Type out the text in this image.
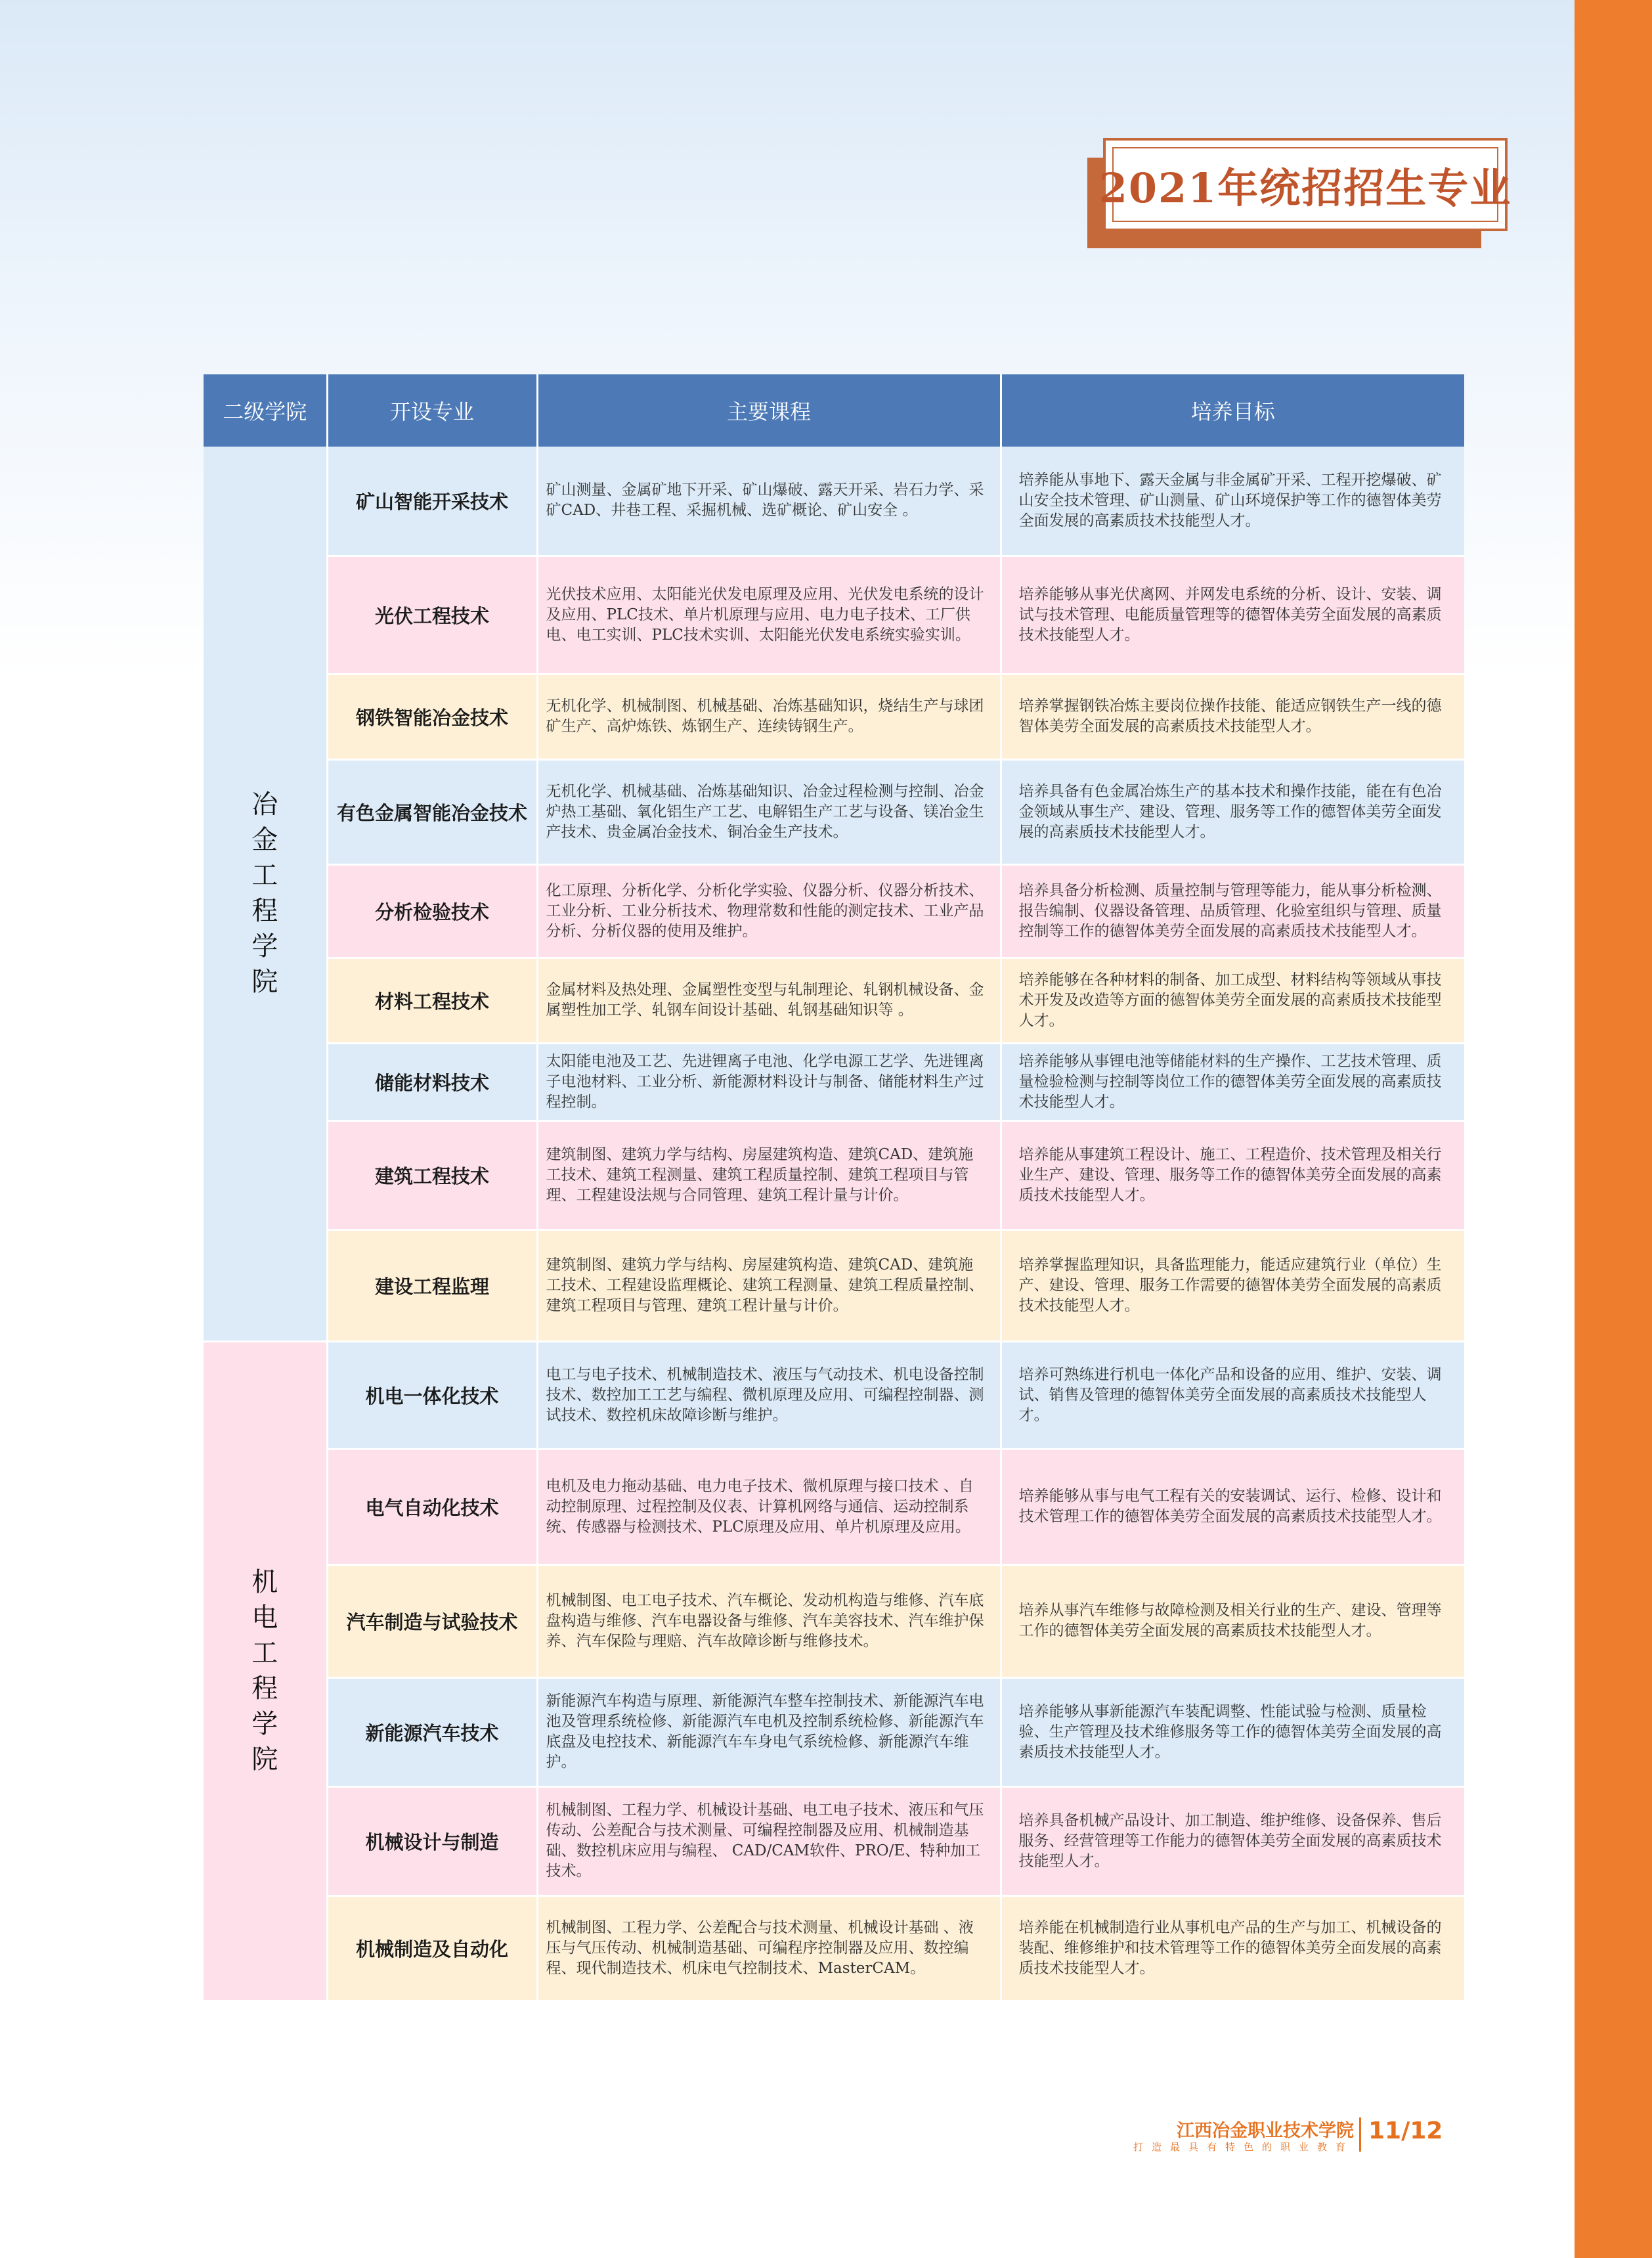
2021年统招招生专业
二级学院	开设专业	主要课程	培养目标
冶金工程学院	矿山智能开采技术	矿山测量、金属矿地下开采、矿山爆破、露天开采、岩石力学、采矿CAD、井巷工程、采掘机械、选矿概论、矿山安全 。	培养能从事地下、露天金属与非金属矿开采、工程开挖爆破、矿山安全技术管理、矿山测量、矿山环境保护等工作的德智体美劳全面发展的高素质技术技能型人才。
	光伏工程技术	光伏技术应用、太阳能光伏发电原理及应用、光伏发电系统的设计及应用、PLC技术、单片机原理与应用、电力电子技术、工厂供电、电工实训、PLC技术实训、太阳能光伏发电系统实验实训。	培养能够从事光伏离网、并网发电系统的分析、设计、安装、调试与技术管理、电能质量管理等的德智体美劳全面发展的高素质技术技能型人才。
	钢铁智能冶金技术	无机化学、机械制图、机械基础、冶炼基础知识，烧结生产与球团矿生产、高炉炼铁、炼钢生产、连续铸钢生产。	培养掌握钢铁冶炼主要岗位操作技能、能适应钢铁生产一线的德智体美劳全面发展的高素质技术技能型人才。
	有色金属智能冶金技术	无机化学、机械基础、冶炼基础知识、冶金过程检测与控制、冶金炉热工基础、氧化铝生产工艺、电解铝生产工艺与设备、镁冶金生产技术、贵金属冶金技术、铜冶金生产技术。	培养具备有色金属冶炼生产的基本技术和操作技能，能在有色冶金领域从事生产、建设、管理、服务等工作的德智体美劳全面发展的高素质技术技能型人才。
	分析检验技术	化工原理、分析化学、分析化学实验、仪器分析、仪器分析技术、工业分析、工业分析技术、物理常数和性能的测定技术、工业产品分析、分析仪器的使用及维护。	培养具备分析检测、质量控制与管理等能力，能从事分析检测、报告编制、仪器设备管理、品质管理、化验室组织与管理、质量控制等工作的德智体美劳全面发展的高素质技术技能型人才。
	材料工程技术	金属材料及热处理、金属塑性变型与轧制理论、轧钢机械设备、金属塑性加工学、轧钢车间设计基础、轧钢基础知识等 。	培养能够在各种材料的制备、加工成型、材料结构等领域从事技术开发及改造等方面的德智体美劳全面发展的高素质技术技能型人才。
	储能材料技术	太阳能电池及工艺、先进锂离子电池、化学电源工艺学、先进锂离子电池材料、工业分析、新能源材料设计与制备、储能材料生产过程控制。	培养能够从事锂电池等储能材料的生产操作、工艺技术管理、质量检验检测与控制等岗位工作的德智体美劳全面发展的高素质技术技能型人才。
	建筑工程技术	建筑制图、建筑力学与结构、房屋建筑构造、建筑CAD、建筑施工技术、建筑工程测量、建筑工程质量控制、建筑工程项目与管理、工程建设法规与合同管理、建筑工程计量与计价。	培养能从事建筑工程设计、施工、工程造价、技术管理及相关行业生产、建设、管理、服务等工作的德智体美劳全面发展的高素质技术技能型人才。
	建设工程监理	建筑制图、建筑力学与结构、房屋建筑构造、建筑CAD、建筑施工技术、工程建设监理概论、建筑工程测量、建筑工程质量控制、建筑工程项目与管理、建筑工程计量与计价。	培养掌握监理知识，具备监理能力，能适应建筑行业（单位）生产、建设、管理、服务工作需要的德智体美劳全面发展的高素质技术技能型人才。
机电工程学院	机电一体化技术	电工与电子技术、机械制造技术、液压与气动技术、机电设备控制技术、数控加工工艺与编程、微机原理及应用、可编程控制器、测试技术、数控机床故障诊断与维护。	培养可熟练进行机电一体化产品和设备的应用、维护、安装、调试、销售及管理的德智体美劳全面发展的高素质技术技能型人才。
	电气自动化技术	电机及电力拖动基础、电力电子技术、微机原理与接口技术 、自动控制原理、过程控制及仪表、计算机网络与通信、运动控制系统、传感器与检测技术、PLC原理及应用、单片机原理及应用。	培养能够从事与电气工程有关的安装调试、运行、检修、设计和技术管理工作的德智体美劳全面发展的高素质技术技能型人才。
	汽车制造与试验技术	机械制图、电工电子技术、汽车概论、发动机构造与维修、汽车底盘构造与维修、汽车电器设备与维修、汽车美容技术、汽车维护保养、汽车保险与理赔、汽车故障诊断与维修技术。	培养从事汽车维修与故障检测及相关行业的生产、建设、管理等工作的德智体美劳全面发展的高素质技术技能型人才。
	新能源汽车技术	新能源汽车构造与原理、新能源汽车整车控制技术、新能源汽车电池及管理系统检修、新能源汽车电机及控制系统检修、新能源汽车底盘及电控技术、新能源汽车车身电气系统检修、新能源汽车维护。	培养能够从事新能源汽车装配调整、性能试验与检测、质量检验、生产管理及技术维修服务等工作的德智体美劳全面发展的高素质技术技能型人才。
	机械设计与制造	机械制图、工程力学、机械设计基础、电工电子技术、液压和气压传动、公差配合与技术测量、可编程控制器及应用、机械制造基础、数控机床应用与编程、 CAD/CAM软件、PRO/E、特种加工技术。	培养具备机械产品设计、加工制造、维护维修、设备保养、售后服务、经营管理等工作能力的德智体美劳全面发展的高素质技术技能型人才。
	机械制造及自动化	机械制图、工程力学、公差配合与技术测量、机械设计基础 、液压与气压传动、机械制造基础、可编程序控制器及应用、数控编程、现代制造技术、机床电气控制技术、MasterCAM。	培养能在机械制造行业从事机电产品的生产与加工、机械设备的装配、维修维护和技术管理等工作的德智体美劳全面发展的高素质技术技能型人才。
江西冶金职业技术学院
打造最具有特色的职业教育
11/12
